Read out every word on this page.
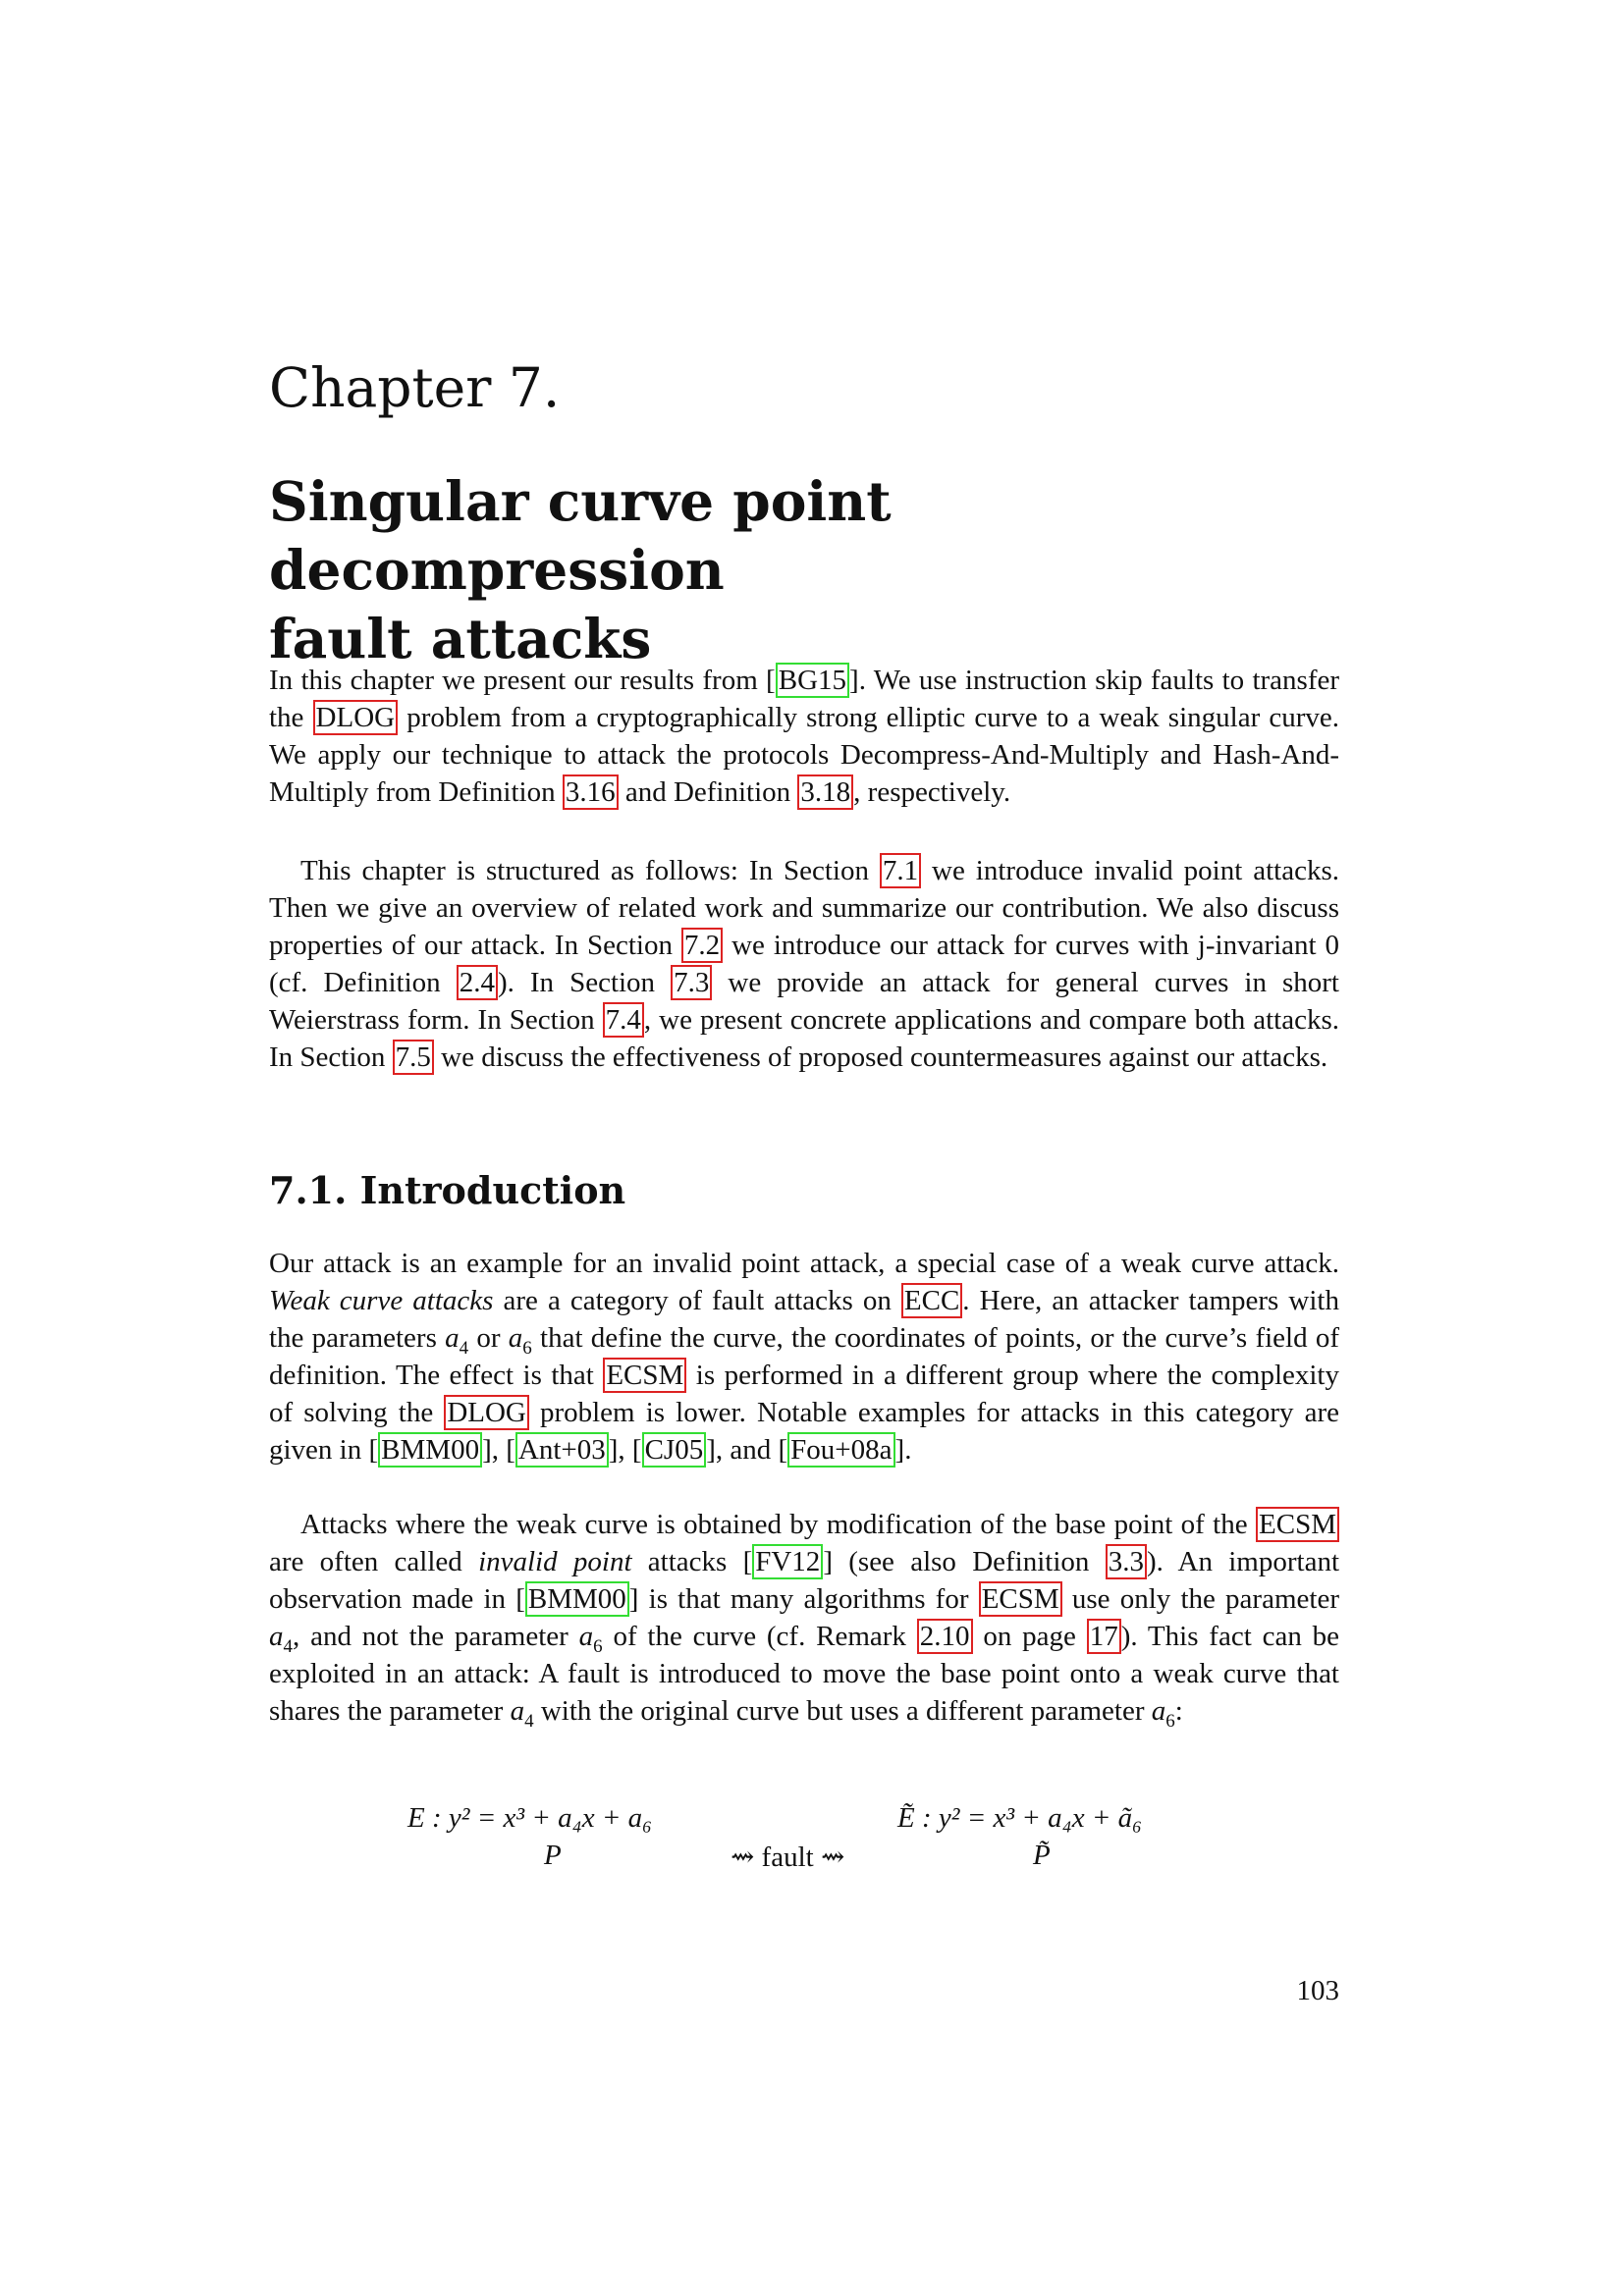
Chapter 7.
Singular curve point decompression
fault attacks

In this chapter we present our results from [ BG15 ]. We use instruction skip faults to transfer the DLOG problem from a cryptographically strong elliptic curve to a weak singular curve. We apply our technique to attack the protocols Decompress-And-Multiply and Hash-And-Multiply from Definition 3.16 and Definition 3.18 , respectively.

This chapter is structured as follows: In Section 7.1 we introduce invalid point attacks. Then we give an overview of related work and summarize our contribution. We also discuss properties of our attack. In Section 7.2 we introduce our attack for curves with j-invariant 0 (cf. Definition 2.4 ). In Section 7.3 we provide an attack for general curves in short Weierstrass form. In Section 7.4 , we present concrete applications and compare both attacks. In Section 7.5 we discuss the effectiveness of proposed countermeasures against our attacks.

7.1. Introduction

Our attack is an example for an invalid point attack, a special case of a weak curve attack. Weak curve attacks are a category of fault attacks on ECC . Here, an attacker tampers with the parameters $a_4$ or $a_6$ that define the curve, the coordinates of points, or the curve’s field of definition. The effect is that ECSM is performed in a different group where the complexity of solving the DLOG problem is lower. Notable examples for attacks in this category are given in [ BMM00 ], [ Ant+03 ], [ CJ05 ], and [ Fou+08a ].

Attacks where the weak curve is obtained by modification of the base point of the ECSM are often called invalid point attacks [ FV12 ] (see also Definition 3.3 ). An important observation made in [ BMM00 ] is that many algorithms for ECSM use only the parameter $a_4$, and not the parameter $a_6$ of the curve (cf. Remark 2.10 on page 17 ). This fact can be exploited in an attack: A fault is introduced to move the base point onto a weak curve that shares the parameter $a_4$ with the original curve but uses a different parameter $a_6$:

E : y² = x³ + a₄x + a₆
P	⇝ fault ⇝
Ẽ : y² = x³ + a₄x + ã₆
P̃
103
